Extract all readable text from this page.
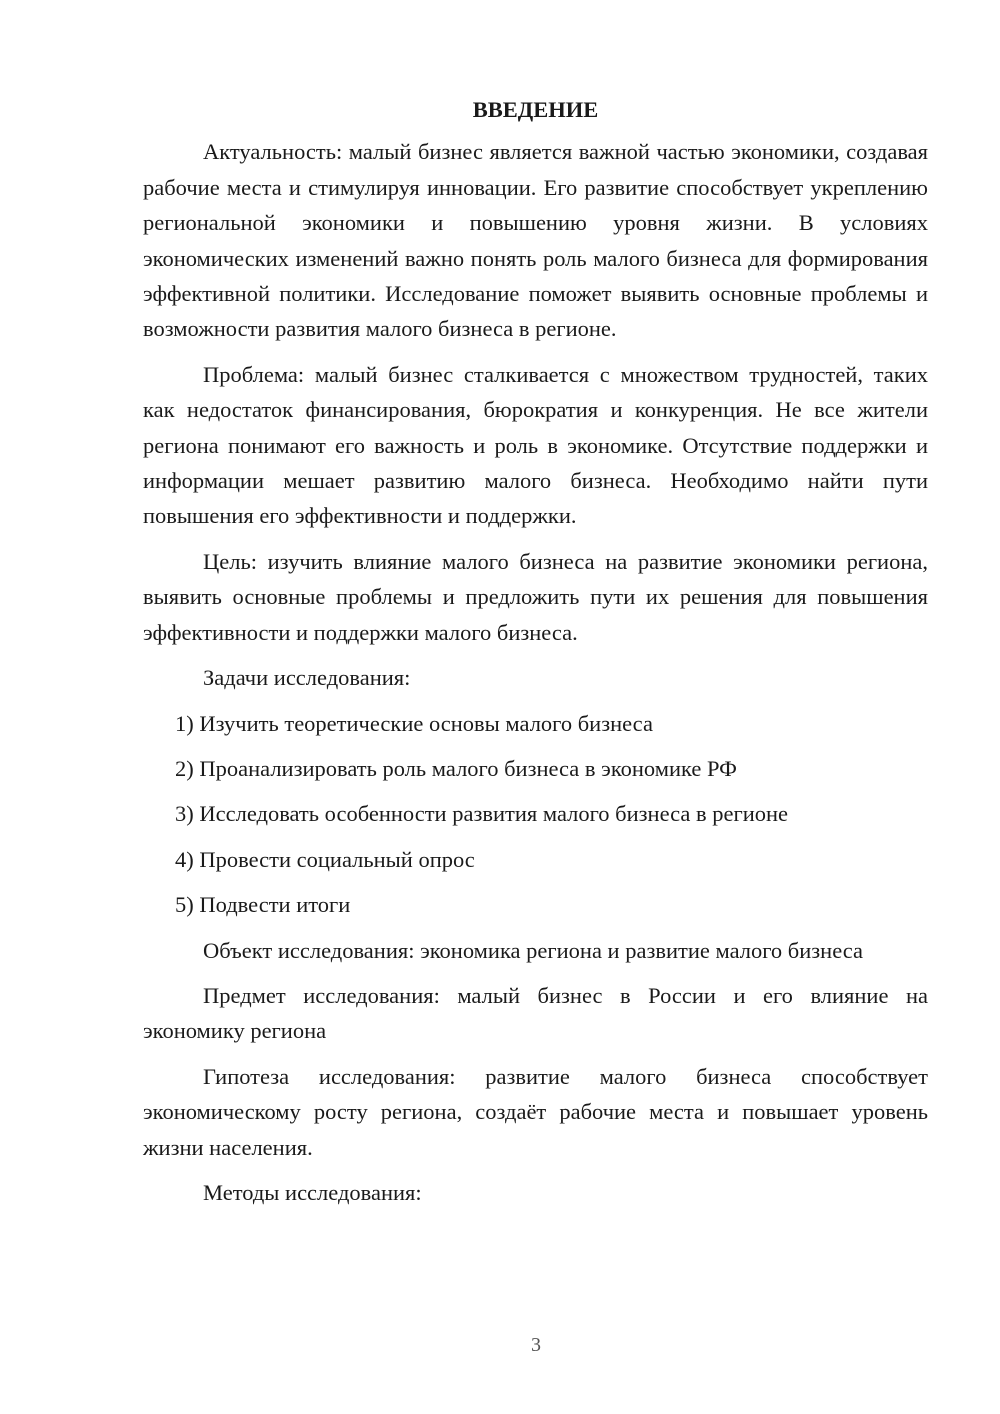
ВВЕДЕНИЕ

Актуальность: малый бизнес является важной частью экономики, создавая рабочие места и стимулируя инновации. Его развитие способствует укреплению региональной экономики и повышению уровня жизни. В условиях экономических изменений важно понять роль малого бизнеса для формирования эффективной политики. Исследование поможет выявить основные проблемы и возможности развития малого бизнеса в регионе.

Проблема: малый бизнес сталкивается с множеством трудностей, таких как недостаток финансирования, бюрократия и конкуренция. Не все жители региона понимают его важность и роль в экономике. Отсутствие поддержки и информации мешает развитию малого бизнеса. Необходимо найти пути повышения его эффективности и поддержки.

Цель: изучить влияние малого бизнеса на развитие экономики региона, выявить основные проблемы и предложить пути их решения для повышения эффективности и поддержки малого бизнеса.

Задачи исследования:

1) Изучить теоретические основы малого бизнеса

2) Проанализировать роль малого бизнеса в экономике РФ

3) Исследовать особенности развития малого бизнеса в регионе

4) Провести социальный опрос

5) Подвести итоги

Объект исследования: экономика региона и развитие малого бизнеса

Предмет исследования: малый бизнес в России и его влияние на экономику региона

Гипотеза исследования: развитие малого бизнеса способствует экономическому росту региона, создаёт рабочие места и повышает уровень жизни населения.

Методы исследования:

3
